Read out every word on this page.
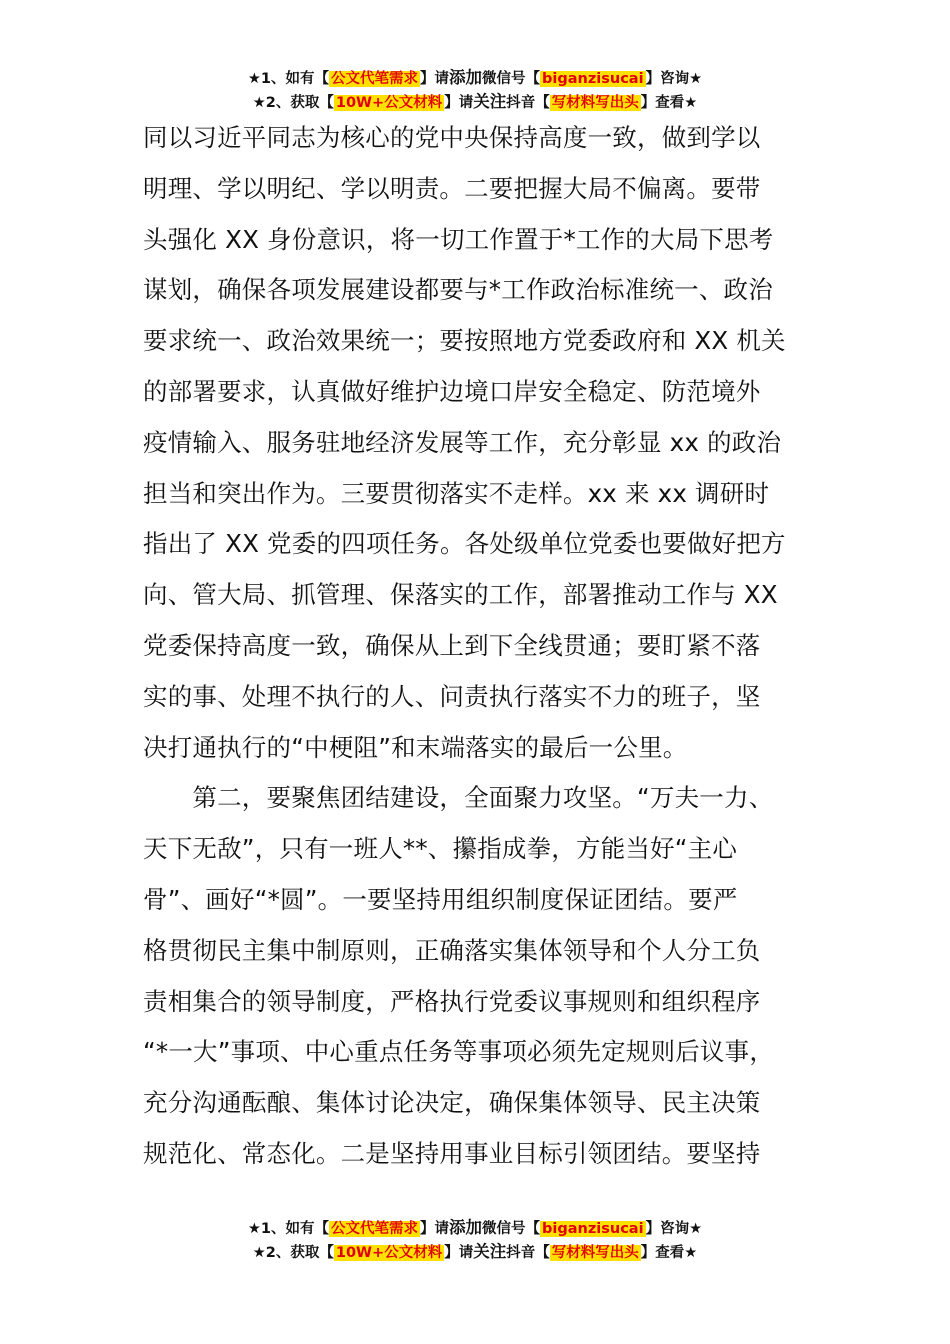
★1、如有【 公文代笔需求 】请添加微信号【 biganzisucai 】咨询★
★2、获取【 10W+公文材料 】请关注抖音【 写材料写出头 】查看★
同以习近平同志为核心的党中央保持高度一致，做到学以
明理、学以明纪、学以明责。二要把握大局不偏离。要带
头强化 XX 身份意识，将一切工作置于*工作的大局下思考
谋划，确保各项发展建设都要与*工作政治标准统一、政治
要求统一、政治效果统一；要按照地方党委政府和 XX 机关
的部署要求，认真做好维护边境口岸安全稳定、防范境外
疫情输入、服务驻地经济发展等工作，充分彰显 xx 的政治
担当和突出作为。三要贯彻落实不走样。xx 来 xx 调研时
指出了 XX 党委的四项任务。各处级单位党委也要做好把方
向、管大局、抓管理、保落实的工作，部署推动工作与 XX
党委保持高度一致，确保从上到下全线贯通；要盯紧不落
实的事、处理不执行的人、问责执行落实不力的班子，坚
决打通执行的“中梗阻”和末端落实的最后一公里。
　　第二，要聚焦团结建设，全面聚力攻坚。“万夫一力、
天下无敌”，只有一班人**、攥指成拳，方能当好“主心
骨”、画好“*圆”。一要坚持用组织制度保证团结。要严
格贯彻民主集中制原则，正确落实集体领导和个人分工负
责相集合的领导制度，严格执行党委议事规则和组织程序
“*一大”事项、中心重点任务等事项必须先定规则后议事，
充分沟通酝酿、集体讨论决定，确保集体领导、民主决策
规范化、常态化。二是坚持用事业目标引领团结。要坚持
★1、如有【 公文代笔需求 】请添加微信号【 biganzisucai 】咨询★
★2、获取【 10W+公文材料 】请关注抖音【 写材料写出头 】查看★
